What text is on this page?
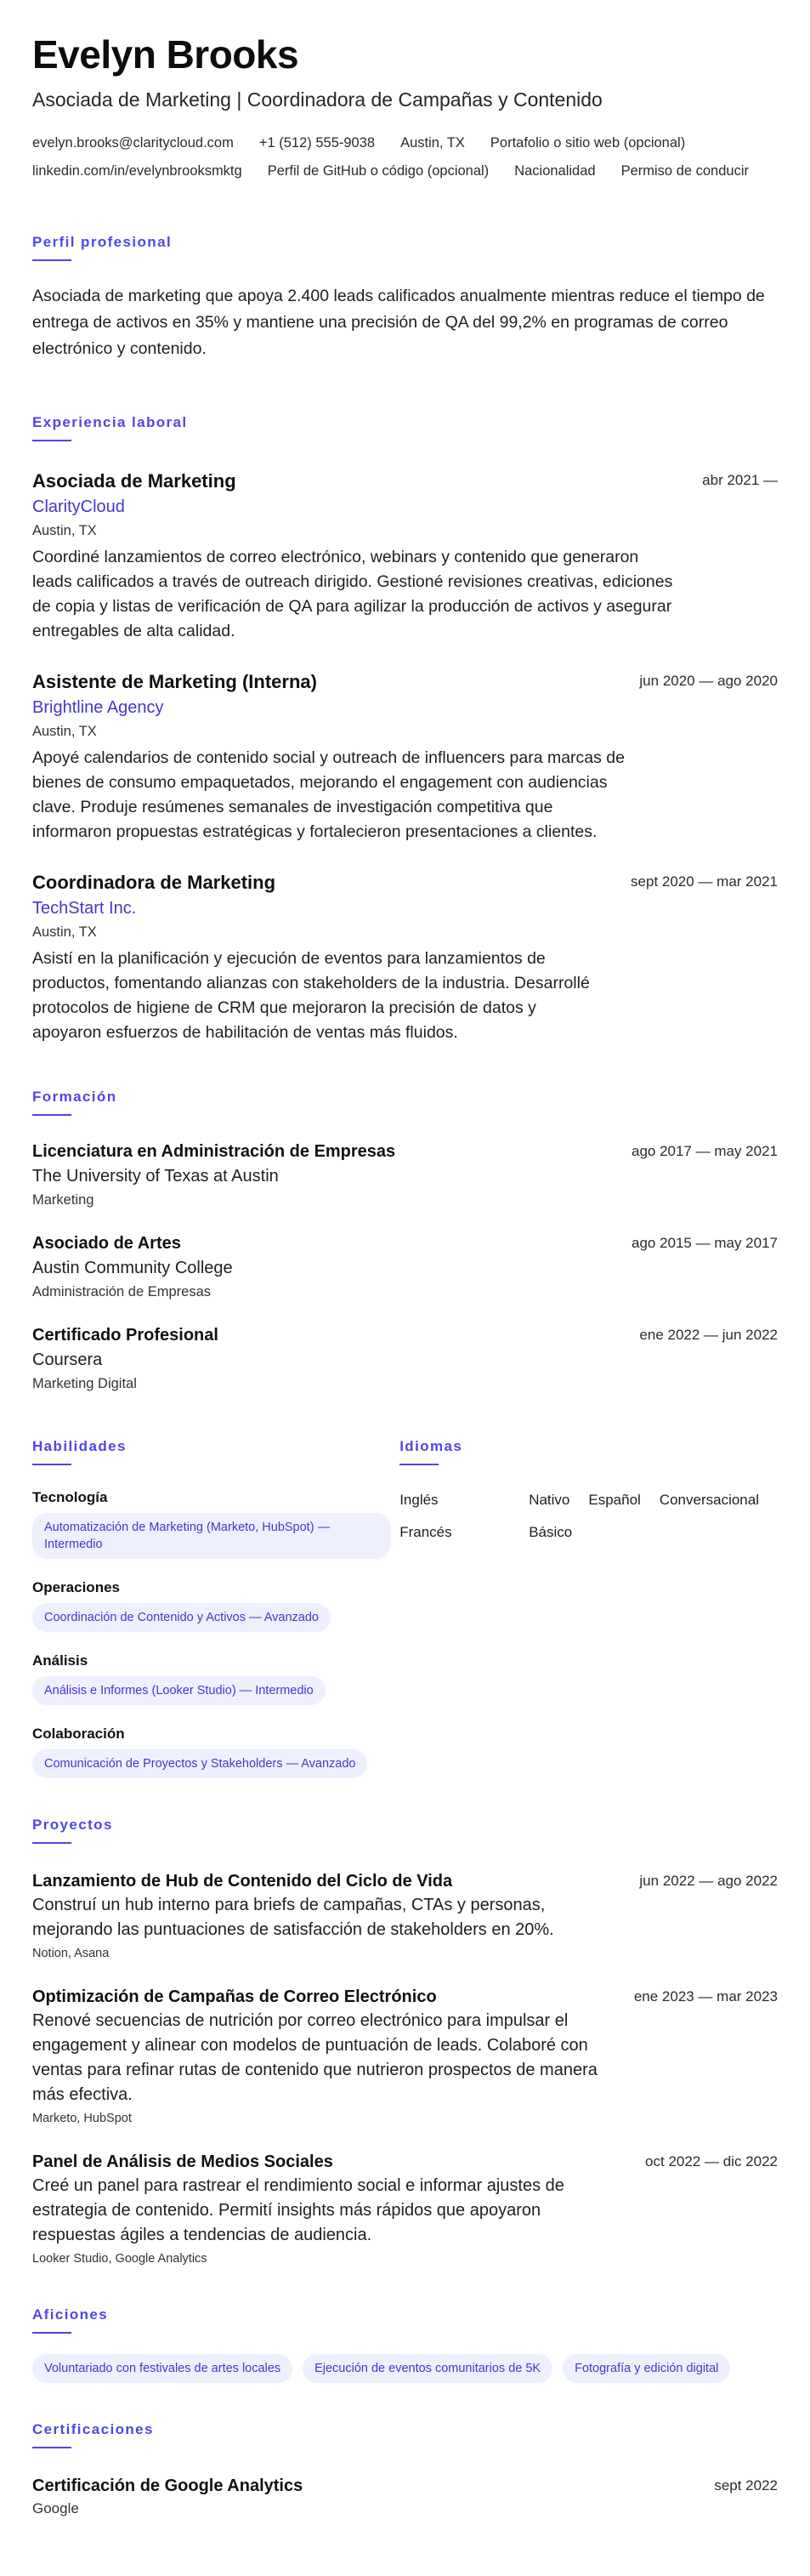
Evelyn Brooks
Asociada de Marketing | Coordinadora de Campañas y Contenido
evelyn.brooks@claritycloud.com +1 (512) 555-9038 Austin, TX Portafolio o sitio web (opcional)
linkedin.com/in/evelynbrooksmktg Perfil de GitHub o código (opcional) Nacionalidad Permiso de conducir
Perfil profesional
Asociada de marketing que apoya 2.400 leads calificados anualmente mientras reduce el tiempo de entrega de activos en 35% y mantiene una precisión de QA del 99,2% en programas de correo electrónico y contenido.
Experiencia laboral
Asociada de Marketing	abr 2021 —
ClarityCloud
Austin, TX
Coordiné lanzamientos de correo electrónico, webinars y contenido que generaron leads calificados a través de outreach dirigido. Gestioné revisiones creativas, ediciones de copia y listas de verificación de QA para agilizar la producción de activos y asegurar entregables de alta calidad.
Asistente de Marketing (Interna)	jun 2020 — ago 2020
Brightline Agency
Austin, TX
Apoyé calendarios de contenido social y outreach de influencers para marcas de bienes de consumo empaquetados, mejorando el engagement con audiencias clave. Produje resúmenes semanales de investigación competitiva que informaron propuestas estratégicas y fortalecieron presentaciones a clientes.
Coordinadora de Marketing	sept 2020 — mar 2021
TechStart Inc.
Austin, TX
Asistí en la planificación y ejecución de eventos para lanzamientos de productos, fomentando alianzas con stakeholders de la industria. Desarrollé protocolos de higiene de CRM que mejoraron la precisión de datos y apoyaron esfuerzos de habilitación de ventas más fluidos.
Formación
Licenciatura en Administración de Empresas	ago 2017 — may 2021
The University of Texas at Austin
Marketing
Asociado de Artes	ago 2015 — may 2017
Austin Community College
Administración de Empresas
Certificado Profesional	ene 2022 — jun 2022
Coursera
Marketing Digital
Habilidades
Tecnología
Automatización de Marketing (Marketo, HubSpot) — Intermedio
Operaciones
Coordinación de Contenido y Activos — Avanzado
Análisis
Análisis e Informes (Looker Studio) — Intermedio
Colaboración
Comunicación de Proyectos y Stakeholders — Avanzado
Idiomas
Inglés	Nativo Español Conversacional
Francés	Básico
Proyectos
Lanzamiento de Hub de Contenido del Ciclo de Vida	jun 2022 — ago 2022
Construí un hub interno para briefs de campañas, CTAs y personas, mejorando las puntuaciones de satisfacción de stakeholders en 20%.
Notion, Asana
Optimización de Campañas de Correo Electrónico	ene 2023 — mar 2023
Renové secuencias de nutrición por correo electrónico para impulsar el engagement y alinear con modelos de puntuación de leads. Colaboré con ventas para refinar rutas de contenido que nutrieron prospectos de manera más efectiva.
Marketo, HubSpot
Panel de Análisis de Medios Sociales	oct 2022 — dic 2022
Creé un panel para rastrear el rendimiento social e informar ajustes de estrategia de contenido. Permití insights más rápidos que apoyaron respuestas ágiles a tendencias de audiencia.
Looker Studio, Google Analytics
Aficiones
Voluntariado con festivales de artes locales	Ejecución de eventos comunitarios de 5K	Fotografía y edición digital
Certificaciones
Certificación de Google Analytics	sept 2022
Google
